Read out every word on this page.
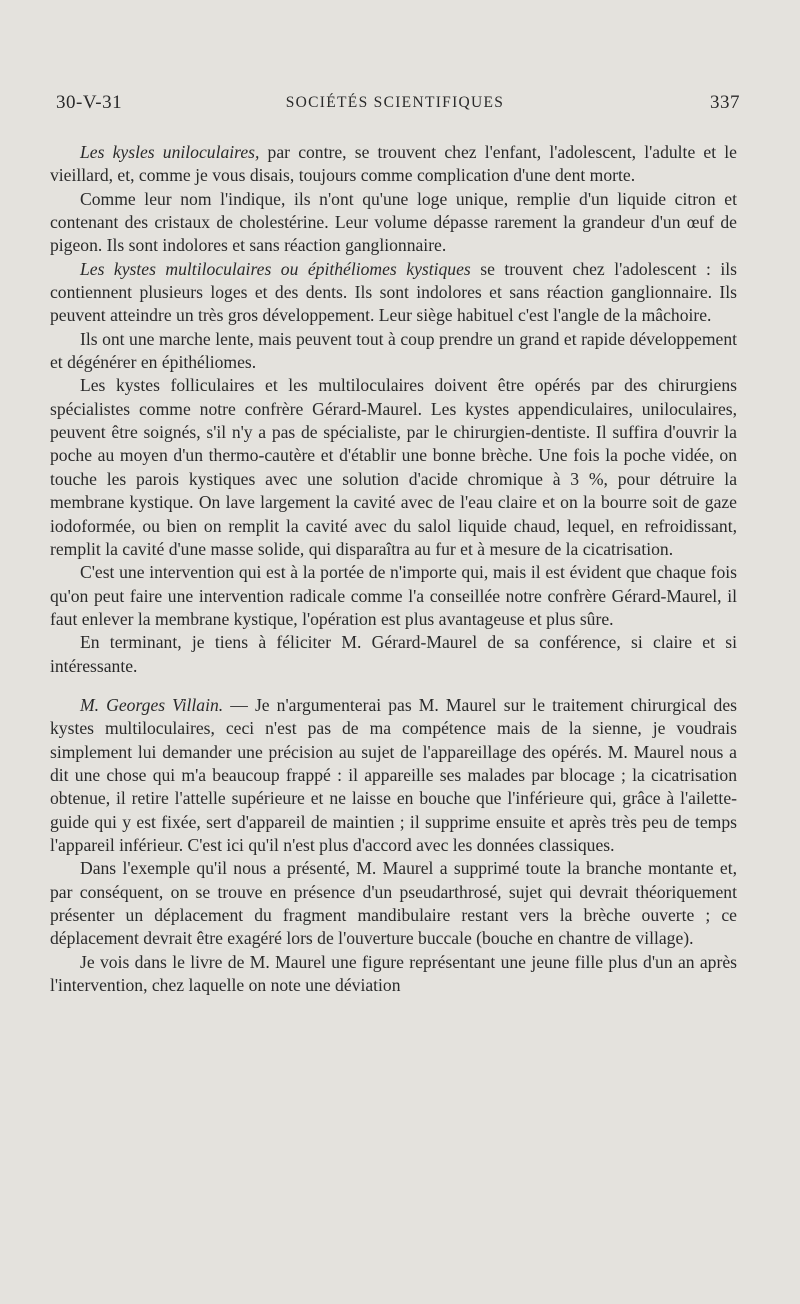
30-V-31	SOCIÉTÉS SCIENTIFIQUES	337

Les kysles uniloculaires, par contre, se trouvent chez l'enfant, l'adolescent, l'adulte et le vieillard, et, comme je vous disais, toujours comme complication d'une dent morte.

Comme leur nom l'indique, ils n'ont qu'une loge unique, remplie d'un liquide citron et contenant des cristaux de cholestérine. Leur volume dépasse rarement la grandeur d'un œuf de pigeon. Ils sont indolores et sans réaction ganglionnaire.

Les kystes multiloculaires ou épithéliomes kystiques se trouvent chez l'adolescent : ils contiennent plusieurs loges et des dents. Ils sont indolores et sans réaction ganglionnaire. Ils peuvent atteindre un très gros développement. Leur siège habituel c'est l'angle de la mâchoire.

Ils ont une marche lente, mais peuvent tout à coup prendre un grand et rapide développement et dégénérer en épithéliomes.

Les kystes folliculaires et les multiloculaires doivent être opérés par des chirurgiens spécialistes comme notre confrère Gérard-Maurel. Les kystes appendiculaires, uniloculaires, peuvent être soignés, s'il n'y a pas de spécialiste, par le chirurgien-dentiste. Il suffira d'ouvrir la poche au moyen d'un thermo-cautère et d'établir une bonne brèche. Une fois la poche vidée, on touche les parois kystiques avec une solution d'acide chromique à 3 %, pour détruire la membrane kystique. On lave largement la cavité avec de l'eau claire et on la bourre soit de gaze iodoformée, ou bien on remplit la cavité avec du salol liquide chaud, lequel, en refroidissant, remplit la cavité d'une masse solide, qui disparaîtra au fur et à mesure de la cicatrisation.

C'est une intervention qui est à la portée de n'importe qui, mais il est évident que chaque fois qu'on peut faire une intervention radicale comme l'a conseillée notre confrère Gérard-Maurel, il faut enlever la membrane kystique, l'opération est plus avantageuse et plus sûre.

En terminant, je tiens à féliciter M. Gérard-Maurel de sa conférence, si claire et si intéressante.

M. Georges Villain. — Je n'argumenterai pas M. Maurel sur le traitement chirurgical des kystes multiloculaires, ceci n'est pas de ma compétence mais de la sienne, je voudrais simplement lui demander une précision au sujet de l'appareillage des opérés. M. Maurel nous a dit une chose qui m'a beaucoup frappé : il appareille ses malades par blocage ; la cicatrisation obtenue, il retire l'attelle supérieure et ne laisse en bouche que l'inférieure qui, grâce à l'ailette-guide qui y est fixée, sert d'appareil de maintien ; il supprime ensuite et après très peu de temps l'appareil inférieur. C'est ici qu'il n'est plus d'accord avec les données classiques.

Dans l'exemple qu'il nous a présenté, M. Maurel a supprimé toute la branche montante et, par conséquent, on se trouve en présence d'un pseudarthrosé, sujet qui devrait théoriquement présenter un déplacement du fragment mandibulaire restant vers la brèche ouverte ; ce déplacement devrait être exagéré lors de l'ouverture buccale (bouche en chantre de village).

Je vois dans le livre de M. Maurel une figure représentant une jeune fille plus d'un an après l'intervention, chez laquelle on note une déviation
